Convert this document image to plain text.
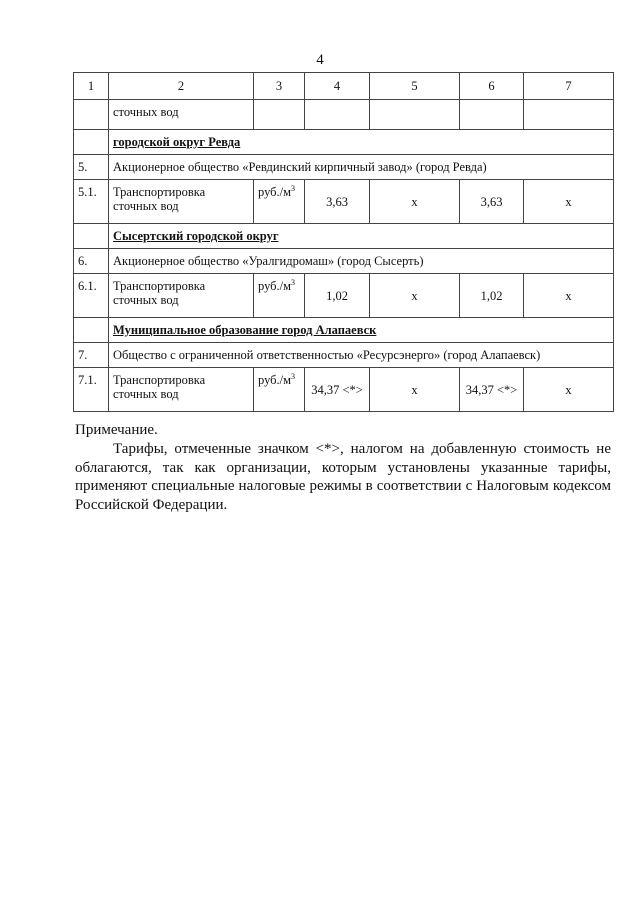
4
1	2	3	4	5	6	7
	сточных вод					
	городской округ Ревда					
5.	Акционерное общество «Ревдинский кирпичный завод» (город Ревда)					
5.1.	Транспортировка сточных вод	$руб./м^3$	3,63	х	3,63	х
	Сысертский городской округ					
6.	Акционерное общество «Уралгидромаш» (город Сысерть)					
6.1.	Транспортировка сточных вод	$руб./м^3$	1,02	х	1,02	х
	Муниципальное образование город Алапаевск					
7.	Общество с ограниченной ответственностью «Ресурсэнерго» (город Алапаевск)					
7.1.	Транспортировка сточных вод	$руб./м^3$	34,37 <*>	х	34,37 <*>	х
Примечание.
Тарифы, отмеченные значком <*>, налогом на добавленную стоимость не облагаются, так как организации, которым установлены указанные тарифы, применяют специальные налоговые режимы в соответствии с Налоговым кодексом Российской Федерации.
